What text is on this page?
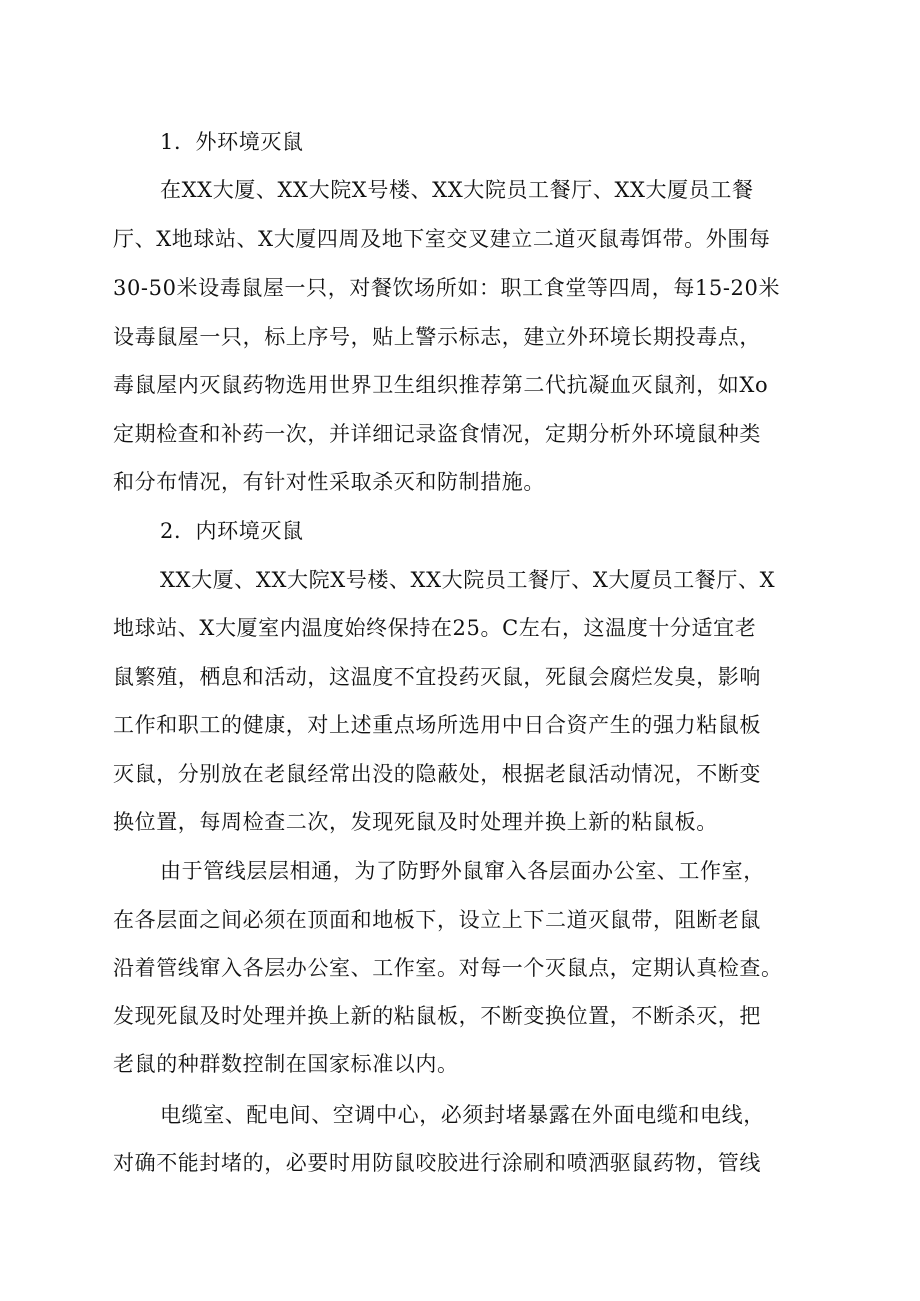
1．外环境灭鼠
在XX大厦、XX大院X号楼、XX大院员工餐厅、XX大厦员工餐
厅、X地球站、X大厦四周及地下室交叉建立二道灭鼠毒饵带。外围每
30-50米设毒鼠屋一只，对餐饮场所如：职工食堂等四周，每15-20米
设毒鼠屋一只，标上序号，贴上警示标志，建立外环境长期投毒点，
毒鼠屋内灭鼠药物选用世界卫生组织推荐第二代抗凝血灭鼠剂，如Xo
定期检查和补药一次，并详细记录盗食情况，定期分析外环境鼠种类
和分布情况，有针对性采取杀灭和防制措施。
2．内环境灭鼠
XX大厦、XX大院X号楼、XX大院员工餐厅、X大厦员工餐厅、X
地球站、X大厦室内温度始终保持在25。C左右，这温度十分适宜老
鼠繁殖，栖息和活动，这温度不宜投药灭鼠，死鼠会腐烂发臭，影响
工作和职工的健康，对上述重点场所选用中日合资产生的强力粘鼠板
灭鼠，分别放在老鼠经常出没的隐蔽处，根据老鼠活动情况，不断变
换位置，每周检查二次，发现死鼠及时处理并换上新的粘鼠板。
由于管线层层相通，为了防野外鼠窜入各层面办公室、工作室，
在各层面之间必须在顶面和地板下，设立上下二道灭鼠带，阻断老鼠
沿着管线窜入各层办公室、工作室。对每一个灭鼠点，定期认真检查。
发现死鼠及时处理并换上新的粘鼠板，不断变换位置，不断杀灭，把
老鼠的种群数控制在国家标准以内。
电缆室、配电间、空调中心，必须封堵暴露在外面电缆和电线，
对确不能封堵的，必要时用防鼠咬胶进行涂刷和喷洒驱鼠药物，管线
